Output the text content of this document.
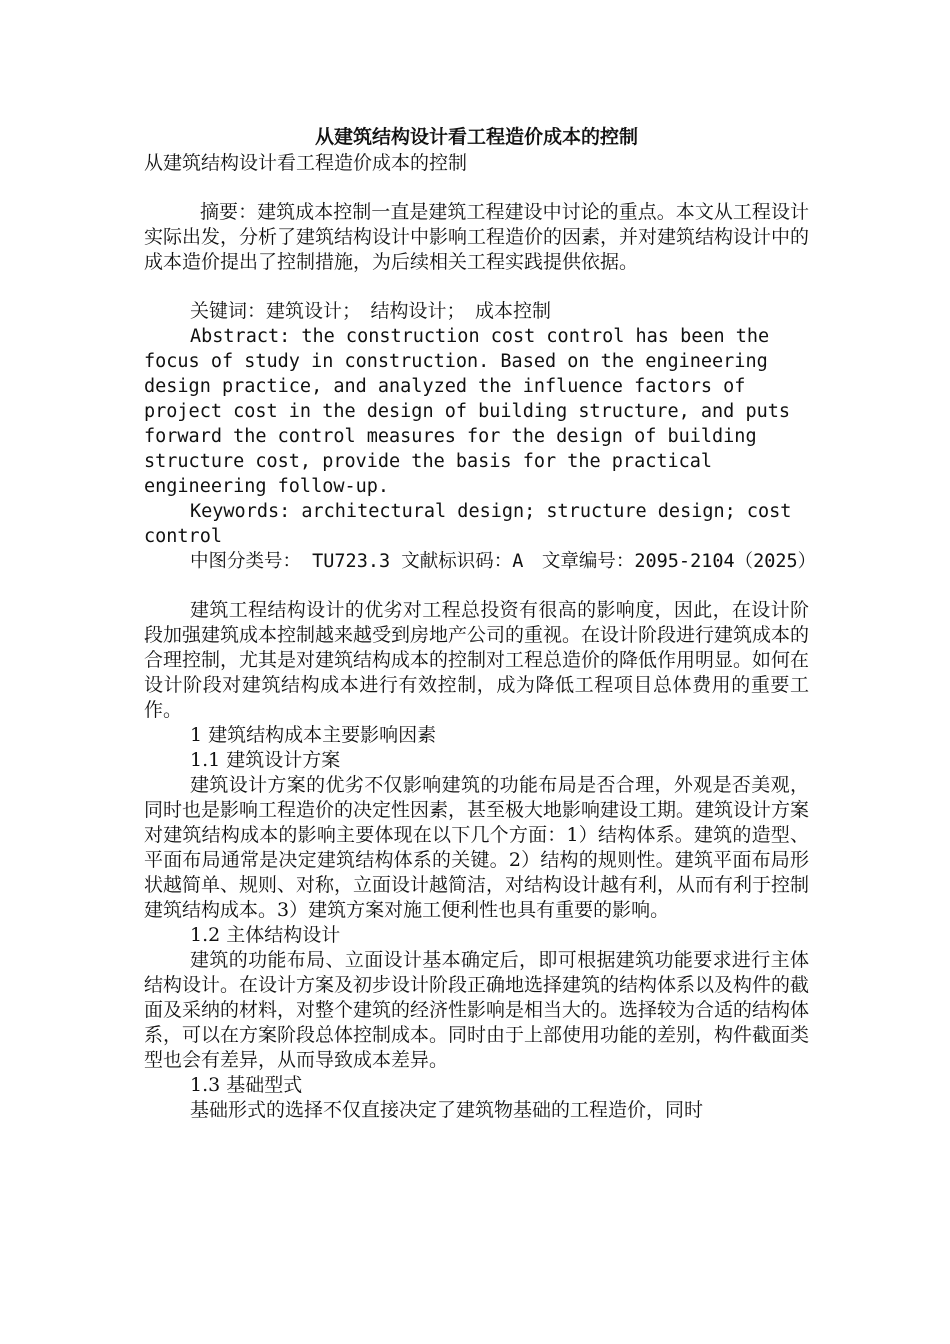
从建筑结构设计看工程造价成本的控制

从建筑结构设计看工程造价成本的控制

摘要：建筑成本控制一直是建筑工程建设中讨论的重点。本文从工程设计实际出发，分析了建筑结构设计中影响工程造价的因素，并对建筑结构设计中的成本造价提出了控制措施，为后续相关工程实践提供依据。

关键词：建筑设计；　结构设计；　成本控制

Abstract: the construction cost control has been the focus of study in construction. Based on the engineering design practice, and analyzed the influence factors of project cost in the design of building structure, and puts forward the control measures for the design of building structure cost, provide the basis for the practical engineering follow-up.

Keywords: architectural design; structure design; cost control

中图分类号： TU723.3 文献标识码：A　文章编号：2095-2104（2025）

建筑工程结构设计的优劣对工程总投资有很高的影响度，因此，在设计阶段加强建筑成本控制越来越受到房地产公司的重视。在设计阶段进行建筑成本的合理控制，尤其是对建筑结构成本的控制对工程总造价的降低作用明显。如何在设计阶段对建筑结构成本进行有效控制，成为降低工程项目总体费用的重要工作。

1 建筑结构成本主要影响因素

1.1 建筑设计方案

建筑设计方案的优劣不仅影响建筑的功能布局是否合理，外观是否美观，同时也是影响工程造价的决定性因素，甚至极大地影响建设工期。建筑设计方案对建筑结构成本的影响主要体现在以下几个方面：1）结构体系。建筑的造型、平面布局通常是决定建筑结构体系的关键。2）结构的规则性。建筑平面布局形状越简单、规则、对称，立面设计越简洁，对结构设计越有利，从而有利于控制建筑结构成本。3）建筑方案对施工便利性也具有重要的影响。

1.2 主体结构设计

建筑的功能布局、立面设计基本确定后，即可根据建筑功能要求进行主体结构设计。在设计方案及初步设计阶段正确地选择建筑的结构体系以及构件的截面及采纳的材料，对整个建筑的经济性影响是相当大的。选择较为合适的结构体系，可以在方案阶段总体控制成本。同时由于上部使用功能的差别，构件截面类型也会有差异，从而导致成本差异。

1.3 基础型式

基础形式的选择不仅直接决定了建筑物基础的工程造价，同时
